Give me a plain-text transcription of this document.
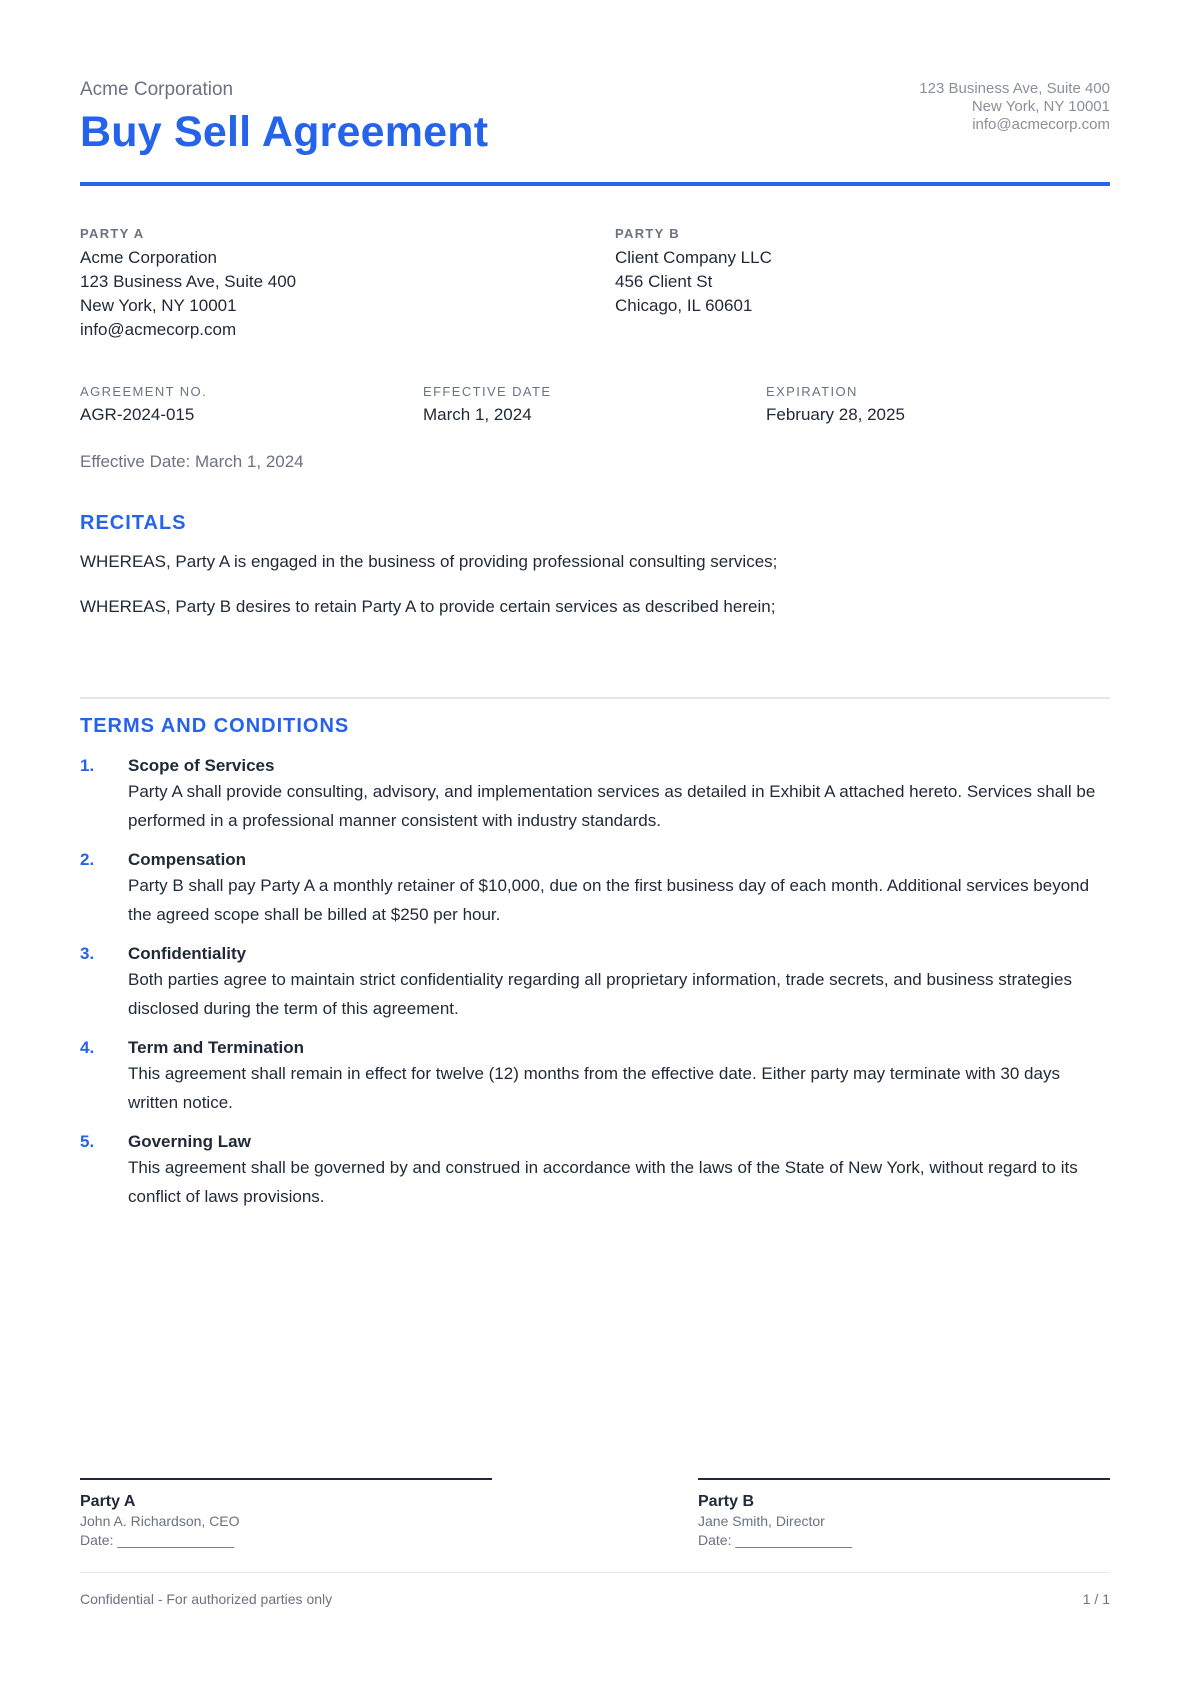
Acme Corporation
Buy Sell Agreement
123 Business Ave, Suite 400
New York, NY 10001
info@acmecorp.com
PARTY A
Acme Corporation
123 Business Ave, Suite 400
New York, NY 10001
info@acmecorp.com
PARTY B
Client Company LLC
456 Client St
Chicago, IL 60601
AGREEMENT NO.
AGR-2024-015
EFFECTIVE DATE
March 1, 2024
EXPIRATION
February 28, 2025
Effective Date: March 1, 2024
RECITALS

WHEREAS, Party A is engaged in the business of providing professional consulting services;

WHEREAS, Party B desires to retain Party A to provide certain services as described herein;

TERMS AND CONDITIONS
1. Scope of Services
Party A shall provide consulting, advisory, and implementation services as detailed in Exhibit A attached hereto. Services shall be performed in a professional manner consistent with industry standards.
2. Compensation
Party B shall pay Party A a monthly retainer of $10,000, due on the first business day of each month. Additional services beyond the agreed scope shall be billed at $250 per hour.
3. Confidentiality
Both parties agree to maintain strict confidentiality regarding all proprietary information, trade secrets, and business strategies disclosed during the term of this agreement.
4. Term and Termination
This agreement shall remain in effect for twelve (12) months from the effective date. Either party may terminate with 30 days written notice.
5. Governing Law
This agreement shall be governed by and construed in accordance with the laws of the State of New York, without regard to its conflict of laws provisions.
Party A
John A. Richardson, CEO
Date: _______________
Party B
Jane Smith, Director
Date: _______________
Confidential - For authorized parties only	1 / 1
